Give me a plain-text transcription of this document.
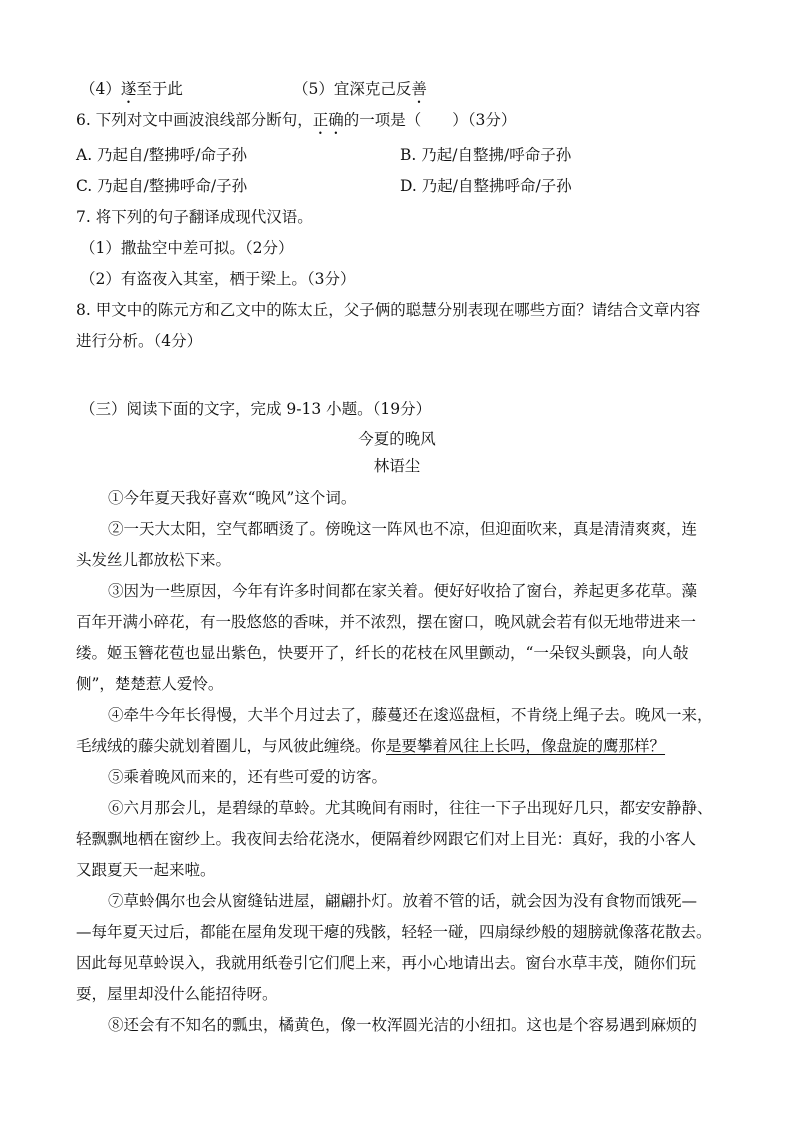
（4）遂至于此	（5）宜深克己反善
6. 下列对文中画波浪线部分断句，正确的一项是（　　）（3分）
A. 乃起自/整拂呼/命子孙	B. 乃起/自整拂/呼命子孙
C. 乃起自/整拂呼命/子孙	D. 乃起/自整拂呼命/子孙
7. 将下列的句子翻译成现代汉语。
（1）撒盐空中差可拟。（2分）
（2）有盗夜入其室，栖于梁上。（3分）
8. 甲文中的陈元方和乙文中的陈太丘，父子俩的聪慧分别表现在哪些方面？请结合文章内容
进行分析。（4分）
（三）阅读下面的文字，完成 9-13 小题。（19分）
今夏的晚风
林语尘
①今年夏天我好喜欢“晚风”这个词。
②一天大太阳，空气都晒烫了。傍晚这一阵风也不凉，但迎面吹来，真是清清爽爽，连
头发丝儿都放松下来。
③因为一些原因，今年有许多时间都在家关着。便好好收拾了窗台，养起更多花草。藻
百年开满小碎花，有一股悠悠的香味，并不浓烈，摆在窗口，晚风就会若有似无地带进来一
缕。姬玉簪花苞也显出紫色，快要开了，纤长的花枝在风里颤动，“一朵钗头颤袅，向人敧
侧”，楚楚惹人爱怜。
④牵牛今年长得慢，大半个月过去了，藤蔓还在逡巡盘桓，不肯绕上绳子去。晚风一来，
毛绒绒的藤尖就划着圈儿，与风彼此缠绕。你是要攀着风往上长吗，像盘旋的鹰那样？
⑤乘着晚风而来的，还有些可爱的访客。
⑥六月那会儿，是碧绿的草蛉。尤其晚间有雨时，往往一下子出现好几只，都安安静静、
轻飘飘地栖在窗纱上。我夜间去给花浇水，便隔着纱网跟它们对上目光：真好，我的小客人
又跟夏天一起来啦。
⑦草蛉偶尔也会从窗缝钻进屋，翩翩扑灯。放着不管的话，就会因为没有食物而饿死—
—每年夏天过后，都能在屋角发现干瘪的残骸，轻轻一碰，四扇绿纱般的翅膀就像落花散去。
因此每见草蛉误入，我就用纸卷引它们爬上来，再小心地请出去。窗台水草丰茂，随你们玩
耍，屋里却没什么能招待呀。
⑧还会有不知名的瓢虫，橘黄色，像一枚浑圆光洁的小纽扣。这也是个容易遇到麻烦的
